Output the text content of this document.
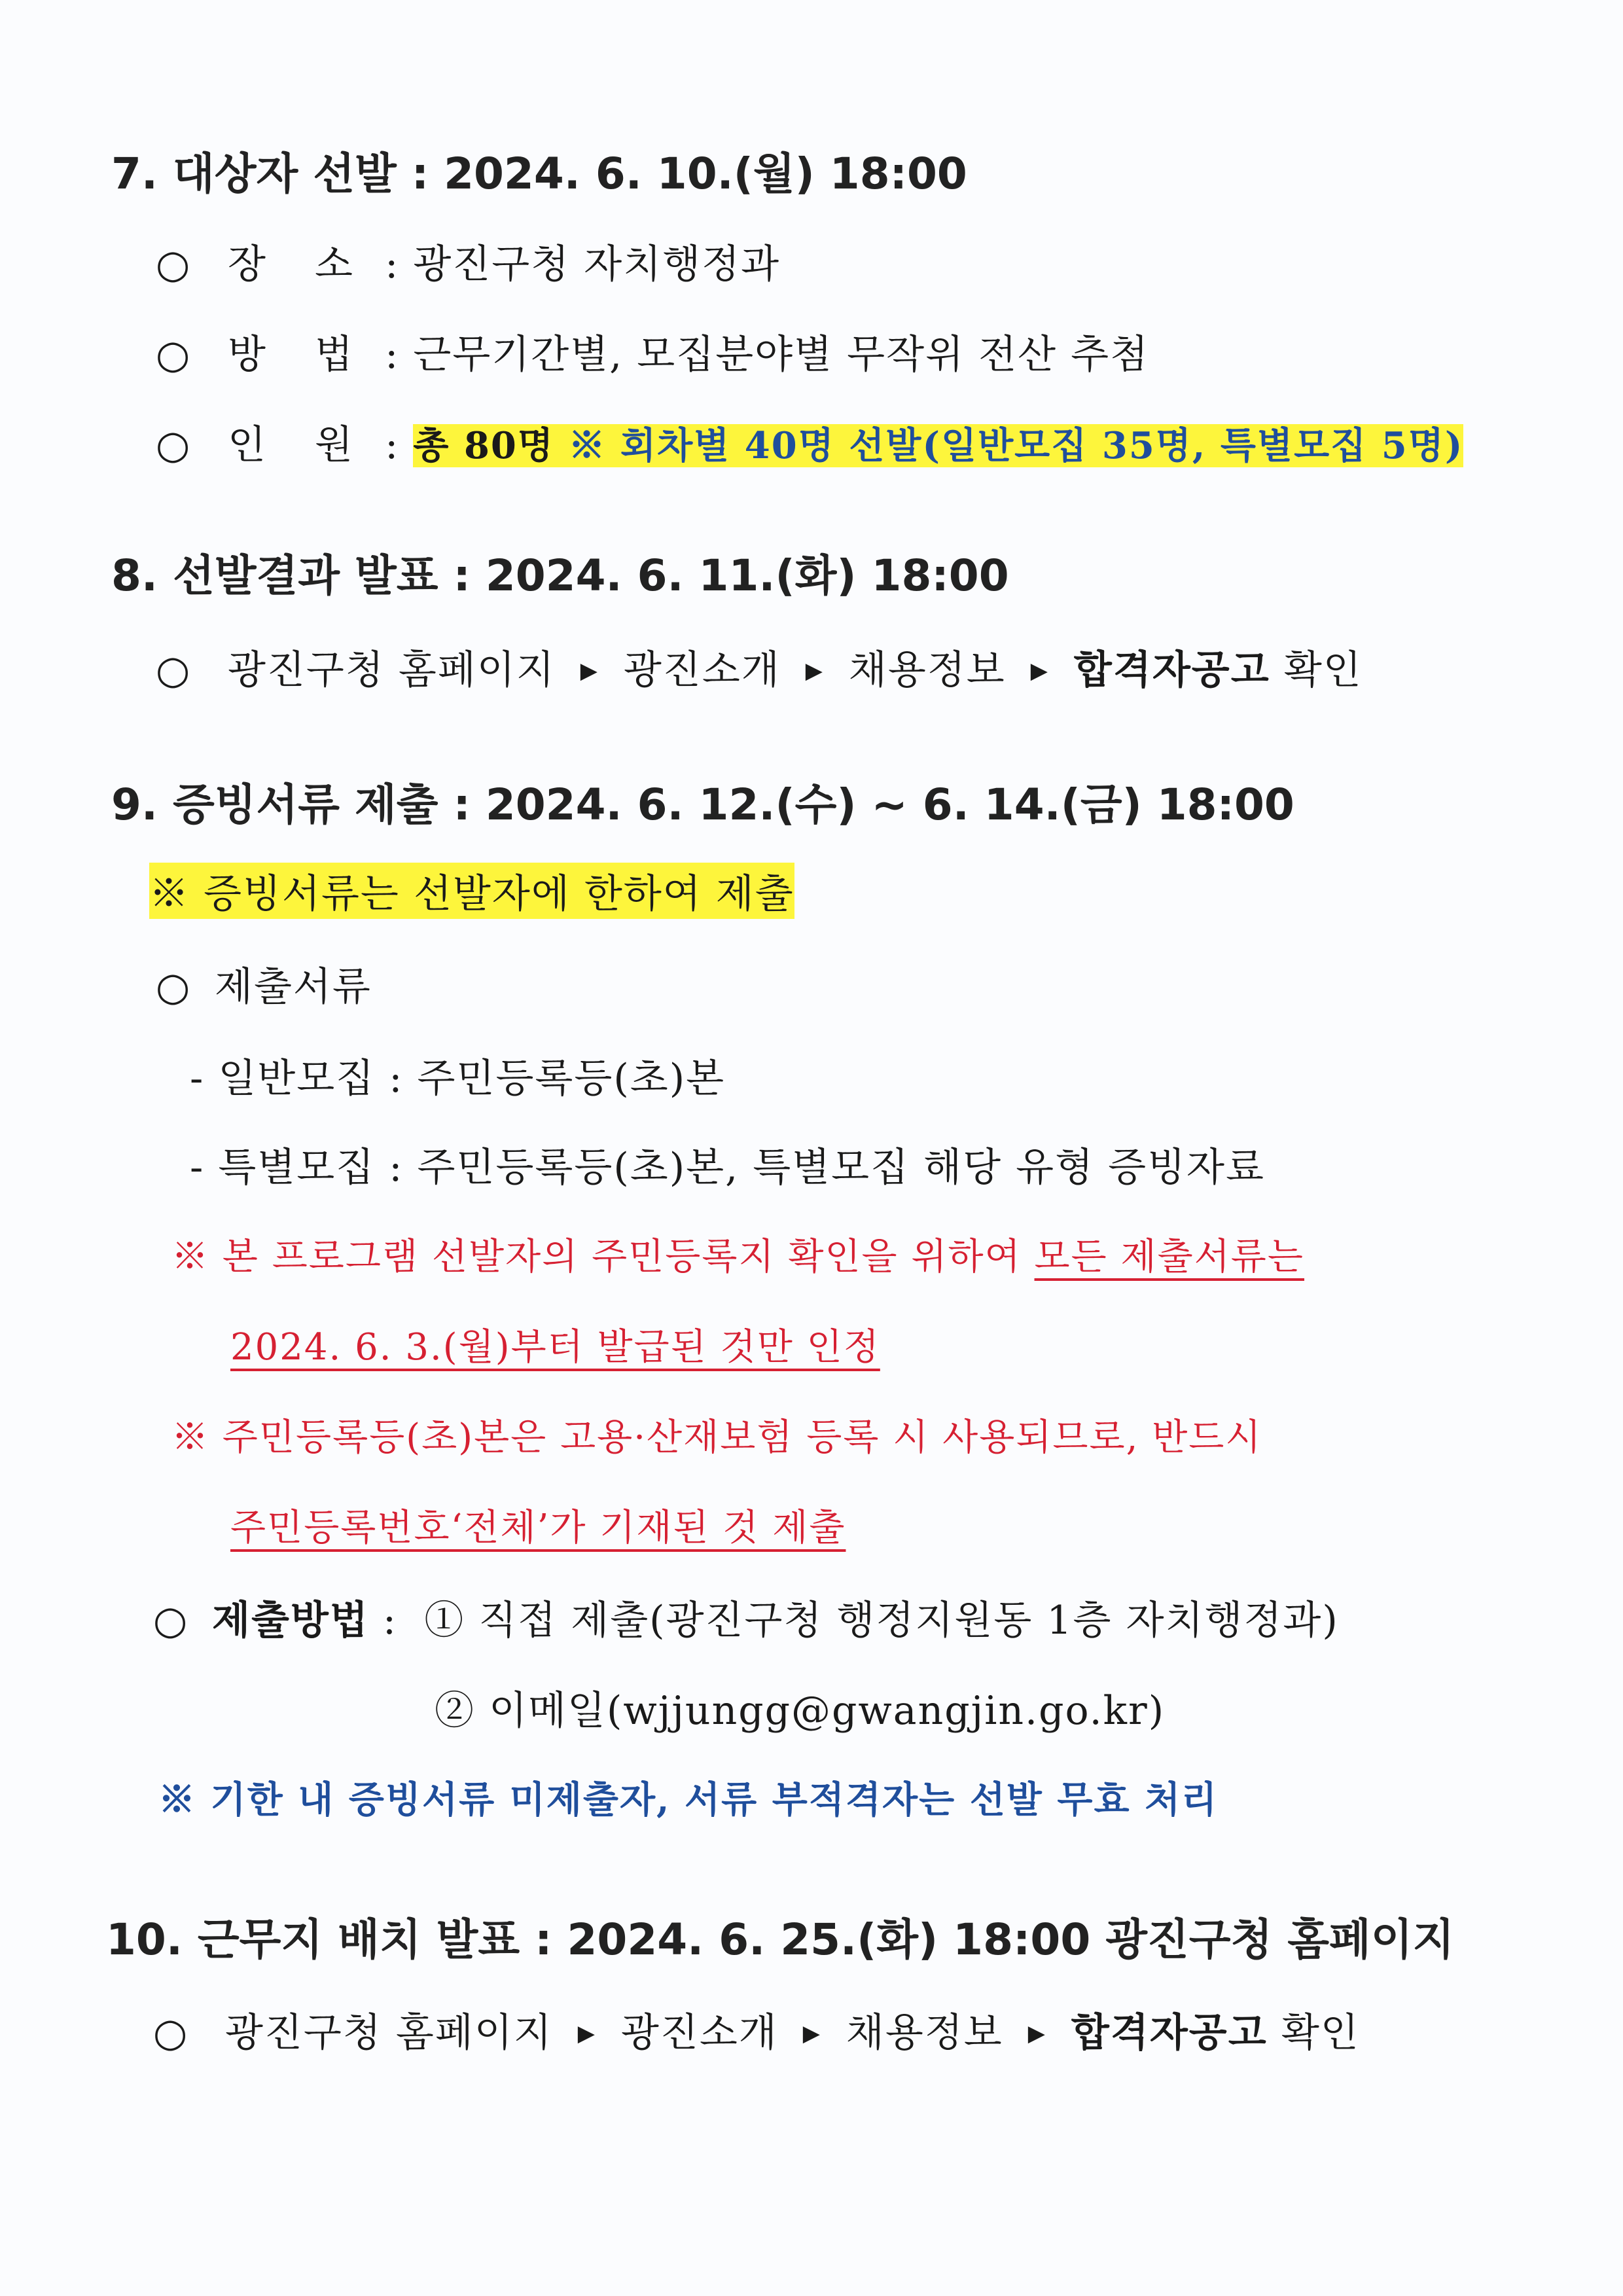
7. 대상자 선발 : 2024. 6. 10.(월) 18:00
○ 장 소 : 광진구청 자치행정과
○ 방 법 : 근무기간별, 모집분야별 무작위 전산 추첨
○ 인 원 : 총 80명 ※ 회차별 40명 선발(일반모집 35명, 특별모집 5명)
8. 선발결과 발표 : 2024. 6. 11.(화) 18:00
○ 광진구청 홈페이지 ▶ 광진소개 ▶ 채용정보 ▶ 합격자공고 확인
9. 증빙서류 제출 : 2024. 6. 12.(수) ~ 6. 14.(금) 18:00
※ 증빙서류는 선발자에 한하여 제출
○ 제출서류
- 일반모집 : 주민등록등(초)본
- 특별모집 : 주민등록등(초)본, 특별모집 해당 유형 증빙자료
※ 본 프로그램 선발자의 주민등록지 확인을 위하여 모든 제출서류는
2024. 6. 3.(월)부터 발급된 것만 인정
※ 주민등록등(초)본은 고용·산재보험 등록 시 사용되므로, 반드시
주민등록번호‘전체’가 기재된 것 제출
○ 제출방법 : ① 직접 제출(광진구청 행정지원동 1층 자치행정과)
② 이메일(wjjungg@gwangjin.go.kr)
※ 기한 내 증빙서류 미제출자, 서류 부적격자는 선발 무효 처리
10. 근무지 배치 발표 : 2024. 6. 25.(화) 18:00 광진구청 홈페이지
○ 광진구청 홈페이지 ▶ 광진소개 ▶ 채용정보 ▶ 합격자공고 확인
